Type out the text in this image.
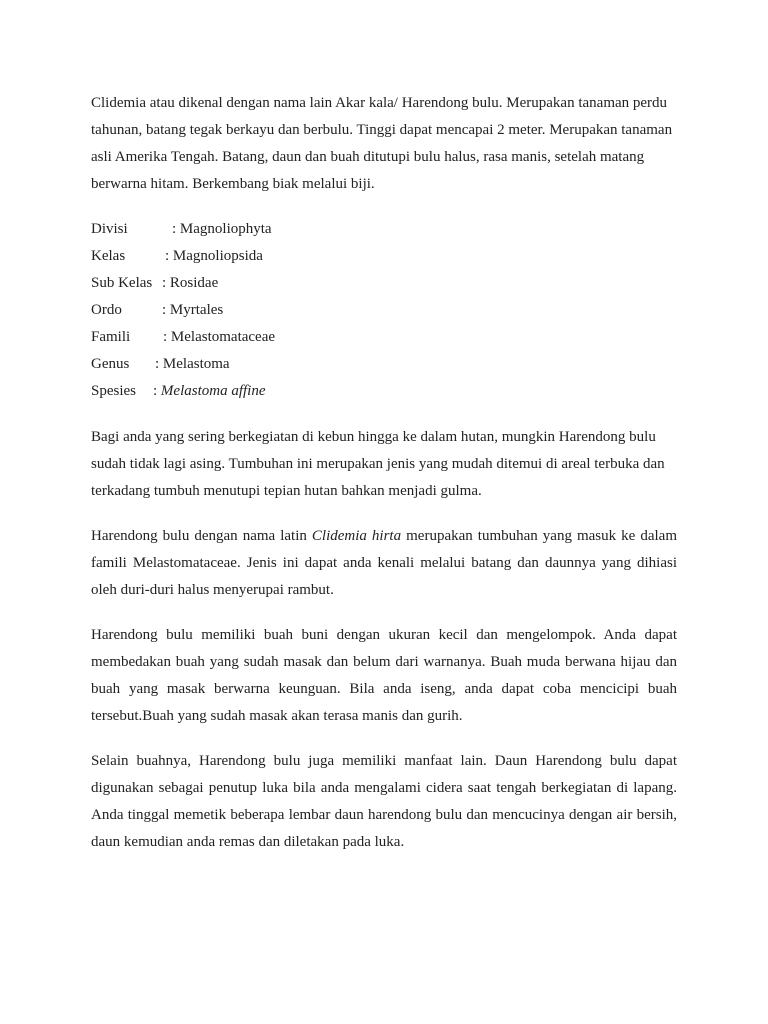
Clidemia atau dikenal dengan nama lain Akar kala/ Harendong bulu. Merupakan tanaman perdu tahunan, batang tegak berkayu dan berbulu. Tinggi dapat mencapai 2 meter. Merupakan tanaman asli Amerika Tengah. Batang, daun dan buah ditutupi bulu halus, rasa manis, setelah matang berwarna hitam. Berkembang biak melalui biji.

Divisi	: Magnoliophyta
Kelas	: Magnoliopsida
Sub Kelas : Rosidae
Ordo	: Myrtales
Famili	: Melastomataceae
Genus	: Melastoma
Spesies	: Melastoma affine

Bagi anda yang sering berkegiatan di kebun hingga ke dalam hutan, mungkin Harendong bulu sudah tidak lagi asing. Tumbuhan ini merupakan jenis yang mudah ditemui di areal terbuka dan terkadang tumbuh menutupi tepian hutan bahkan menjadi gulma.

Harendong bulu dengan nama latin Clidemia hirta merupakan tumbuhan yang masuk ke dalam famili Melastomataceae. Jenis ini dapat anda kenali melalui batang dan daunnya yang dihiasi oleh duri-duri halus menyerupai rambut.

Harendong bulu memiliki buah buni dengan ukuran kecil dan mengelompok. Anda dapat membedakan buah yang sudah masak dan belum dari warnanya. Buah muda berwana hijau dan buah yang masak berwarna keunguan. Bila anda iseng, anda dapat coba mencicipi buah tersebut.Buah yang sudah masak akan terasa manis dan gurih.

Selain buahnya, Harendong bulu juga memiliki manfaat lain. Daun Harendong bulu dapat digunakan sebagai penutup luka bila anda mengalami cidera saat tengah berkegiatan di lapang. Anda tinggal memetik beberapa lembar daun harendong bulu dan mencucinya dengan air bersih, daun kemudian anda remas dan diletakan pada luka.
